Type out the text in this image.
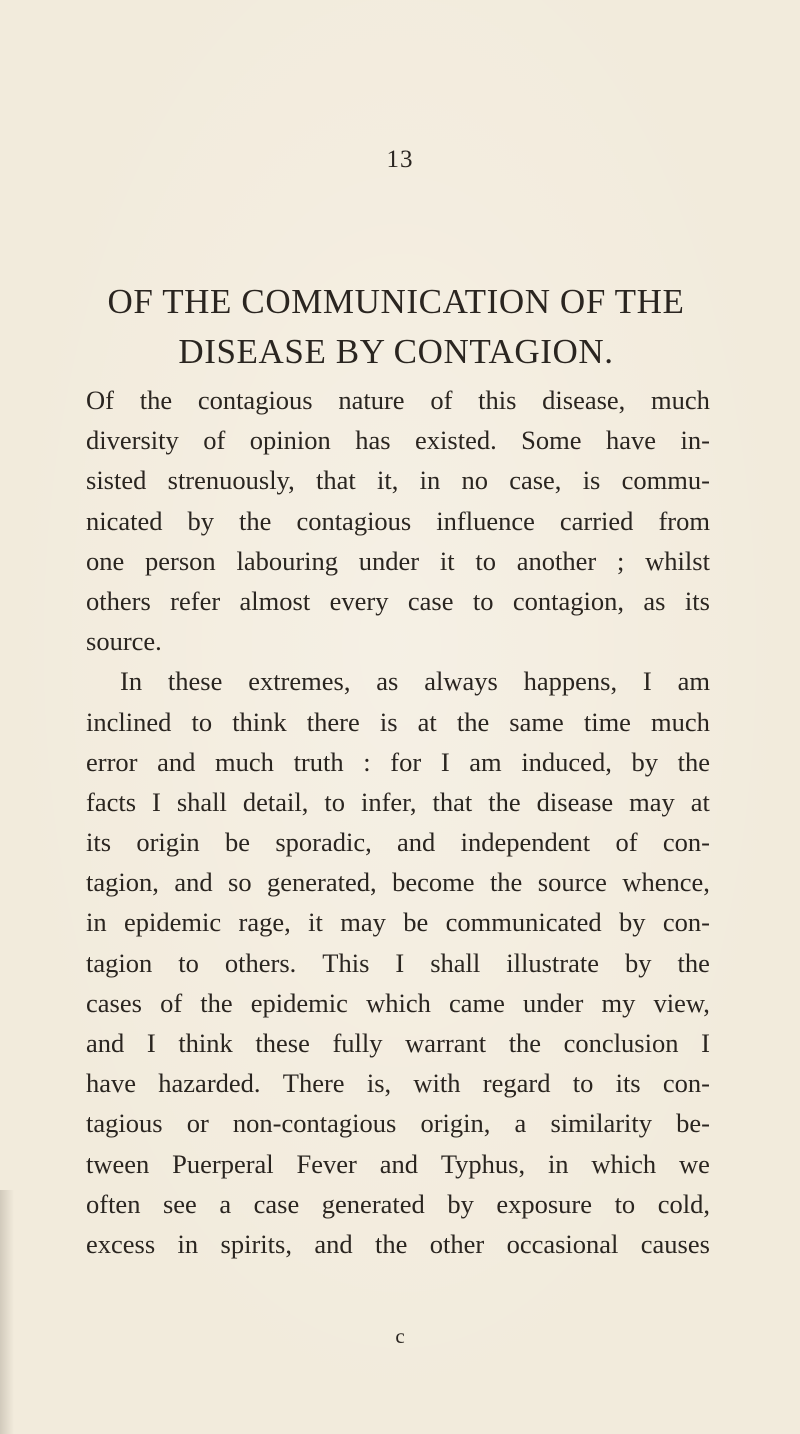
13
OF THE COMMUNICATION OF THE
DISEASE BY CONTAGION.
Of the contagious nature of this disease, much
diversity of opinion has existed. Some have in-
sisted strenuously, that it, in no case, is commu-
nicated by the contagious influence carried from
one person labouring under it to another ; whilst
others refer almost every case to contagion, as its
source.
In these extremes, as always happens, I am
inclined to think there is at the same time much
error and much truth : for I am induced, by the
facts I shall detail, to infer, that the disease may at
its origin be sporadic, and independent of con-
tagion, and so generated, become the source whence,
in epidemic rage, it may be communicated by con-
tagion to others. This I shall illustrate by the
cases of the epidemic which came under my view,
and I think these fully warrant the conclusion I
have hazarded. There is, with regard to its con-
tagious or non-contagious origin, a similarity be-
tween Puerperal Fever and Typhus, in which we
often see a case generated by exposure to cold,
excess in spirits, and the other occasional causes
c
